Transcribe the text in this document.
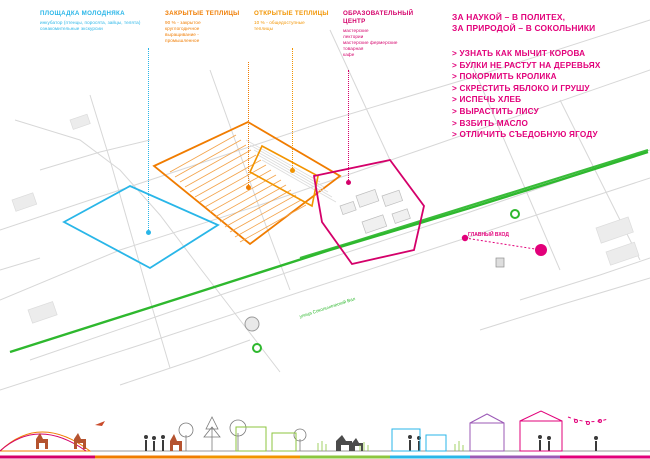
улица Сокольнический Вал
ПЛОЩАДКА МОЛОДНЯКА
инкубатор (птенцы, поросята, зайцы, телята)
ознакомительные экскурсии
ЗАКРЫТЫЕ ТЕПЛИЦЫ
90 % - закрытое
круглогодичное
выращивание -
промышленное
ОТКРЫТЫЕ ТЕПЛИЦЫ
10 % - общедоступные
теплицы
ОБРАЗОВАТЕЛЬНЫЙ ЦЕНТР
мастерские
лектории
мастерские фермерские
товарная
кафе
ГЛАВНЫЙ ВХОД
ЗА НАУКОЙ – В ПОЛИТЕХ,
ЗА ПРИРОДОЙ – В СОКОЛЬНИКИ
> УЗНАТЬ КАК МЫЧИТ КОРОВА
> БУЛКИ НЕ РАСТУТ НА ДЕРЕВЬЯХ
> ПОКОРМИТЬ КРОЛИКА
> СКРЕСТИТЬ ЯБЛОКО И ГРУШУ
> ИСПЕЧЬ ХЛЕБ
> ВЫРАСТИТЬ ЛИСУ
> ВЗБИТЬ МАСЛО
> ОТЛИЧИТЬ СЪЕДОБНУЮ ЯГОДУ
